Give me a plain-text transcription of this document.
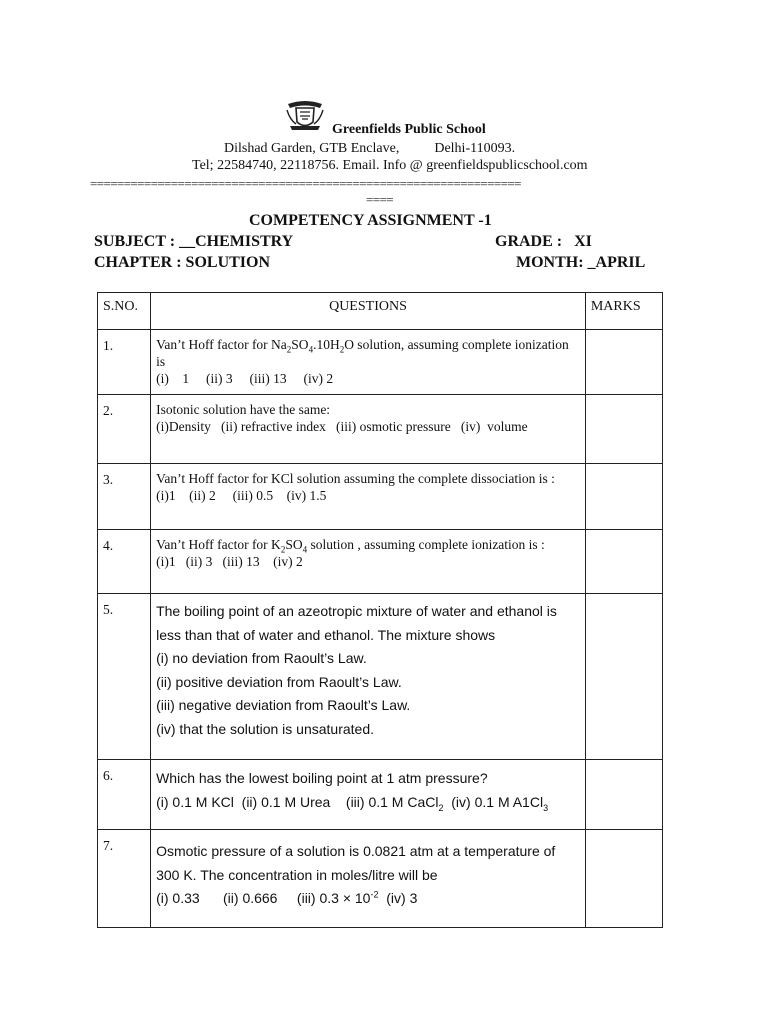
Greenfields Public School
Dilshad Garden, GTB Enclave,          Delhi-110093.
Tel; 22584740, 22118756. Email. Info @ greenfieldspublicschool.com
================================================================
====
COMPETENCY ASSIGNMENT -1
SUBJECT : __CHEMISTRY	GRADE :   XI
CHAPTER : SOLUTION	MONTH: _APRIL
S.NO.	QUESTIONS	MARKS

1.	Van’t Hoff factor for $Na_2SO_4.10H_2O$ solution, assuming complete ionization is
(i)    1     (ii) 3     (iii) 13     (iv) 2	

2.	Isotonic solution have the same:
(i)Density   (ii) refractive index   (iii) osmotic pressure   (iv)  volume	

3.	Van’t Hoff factor for KCl solution assuming the complete dissociation is :
(i)1    (ii) 2     (iii) 0.5    (iv) 1.5	

4.	Van’t Hoff factor for $K_2SO_4$ solution , assuming complete ionization is :
(i)1   (ii) 3   (iii) 13    (iv) 2	

5.	The boiling point of an azeotropic mixture of water and ethanol is less than that of water and ethanol. The mixture shows
(i) no deviation from Raoult’s Law.
(ii) positive deviation from Raoult’s Law.
(iii) negative deviation from Raoult’s Law.
(iv) that the solution is unsaturated.	

6.	Which has the lowest boiling point at 1 atm pressure?
(i) 0.1 M KCl  (ii) 0.1 M Urea    (iii) 0.1 M CaCl$_2$  (iv) 0.1 M $A1Cl_3$

7.	Osmotic pressure of a solution is 0.0821 atm at a temperature of 300 K. The concentration in moles/litre will be
(i) 0.33      (ii) 0.666     (iii) $0.3 \times 10^{-2}$  (iv) 3	
